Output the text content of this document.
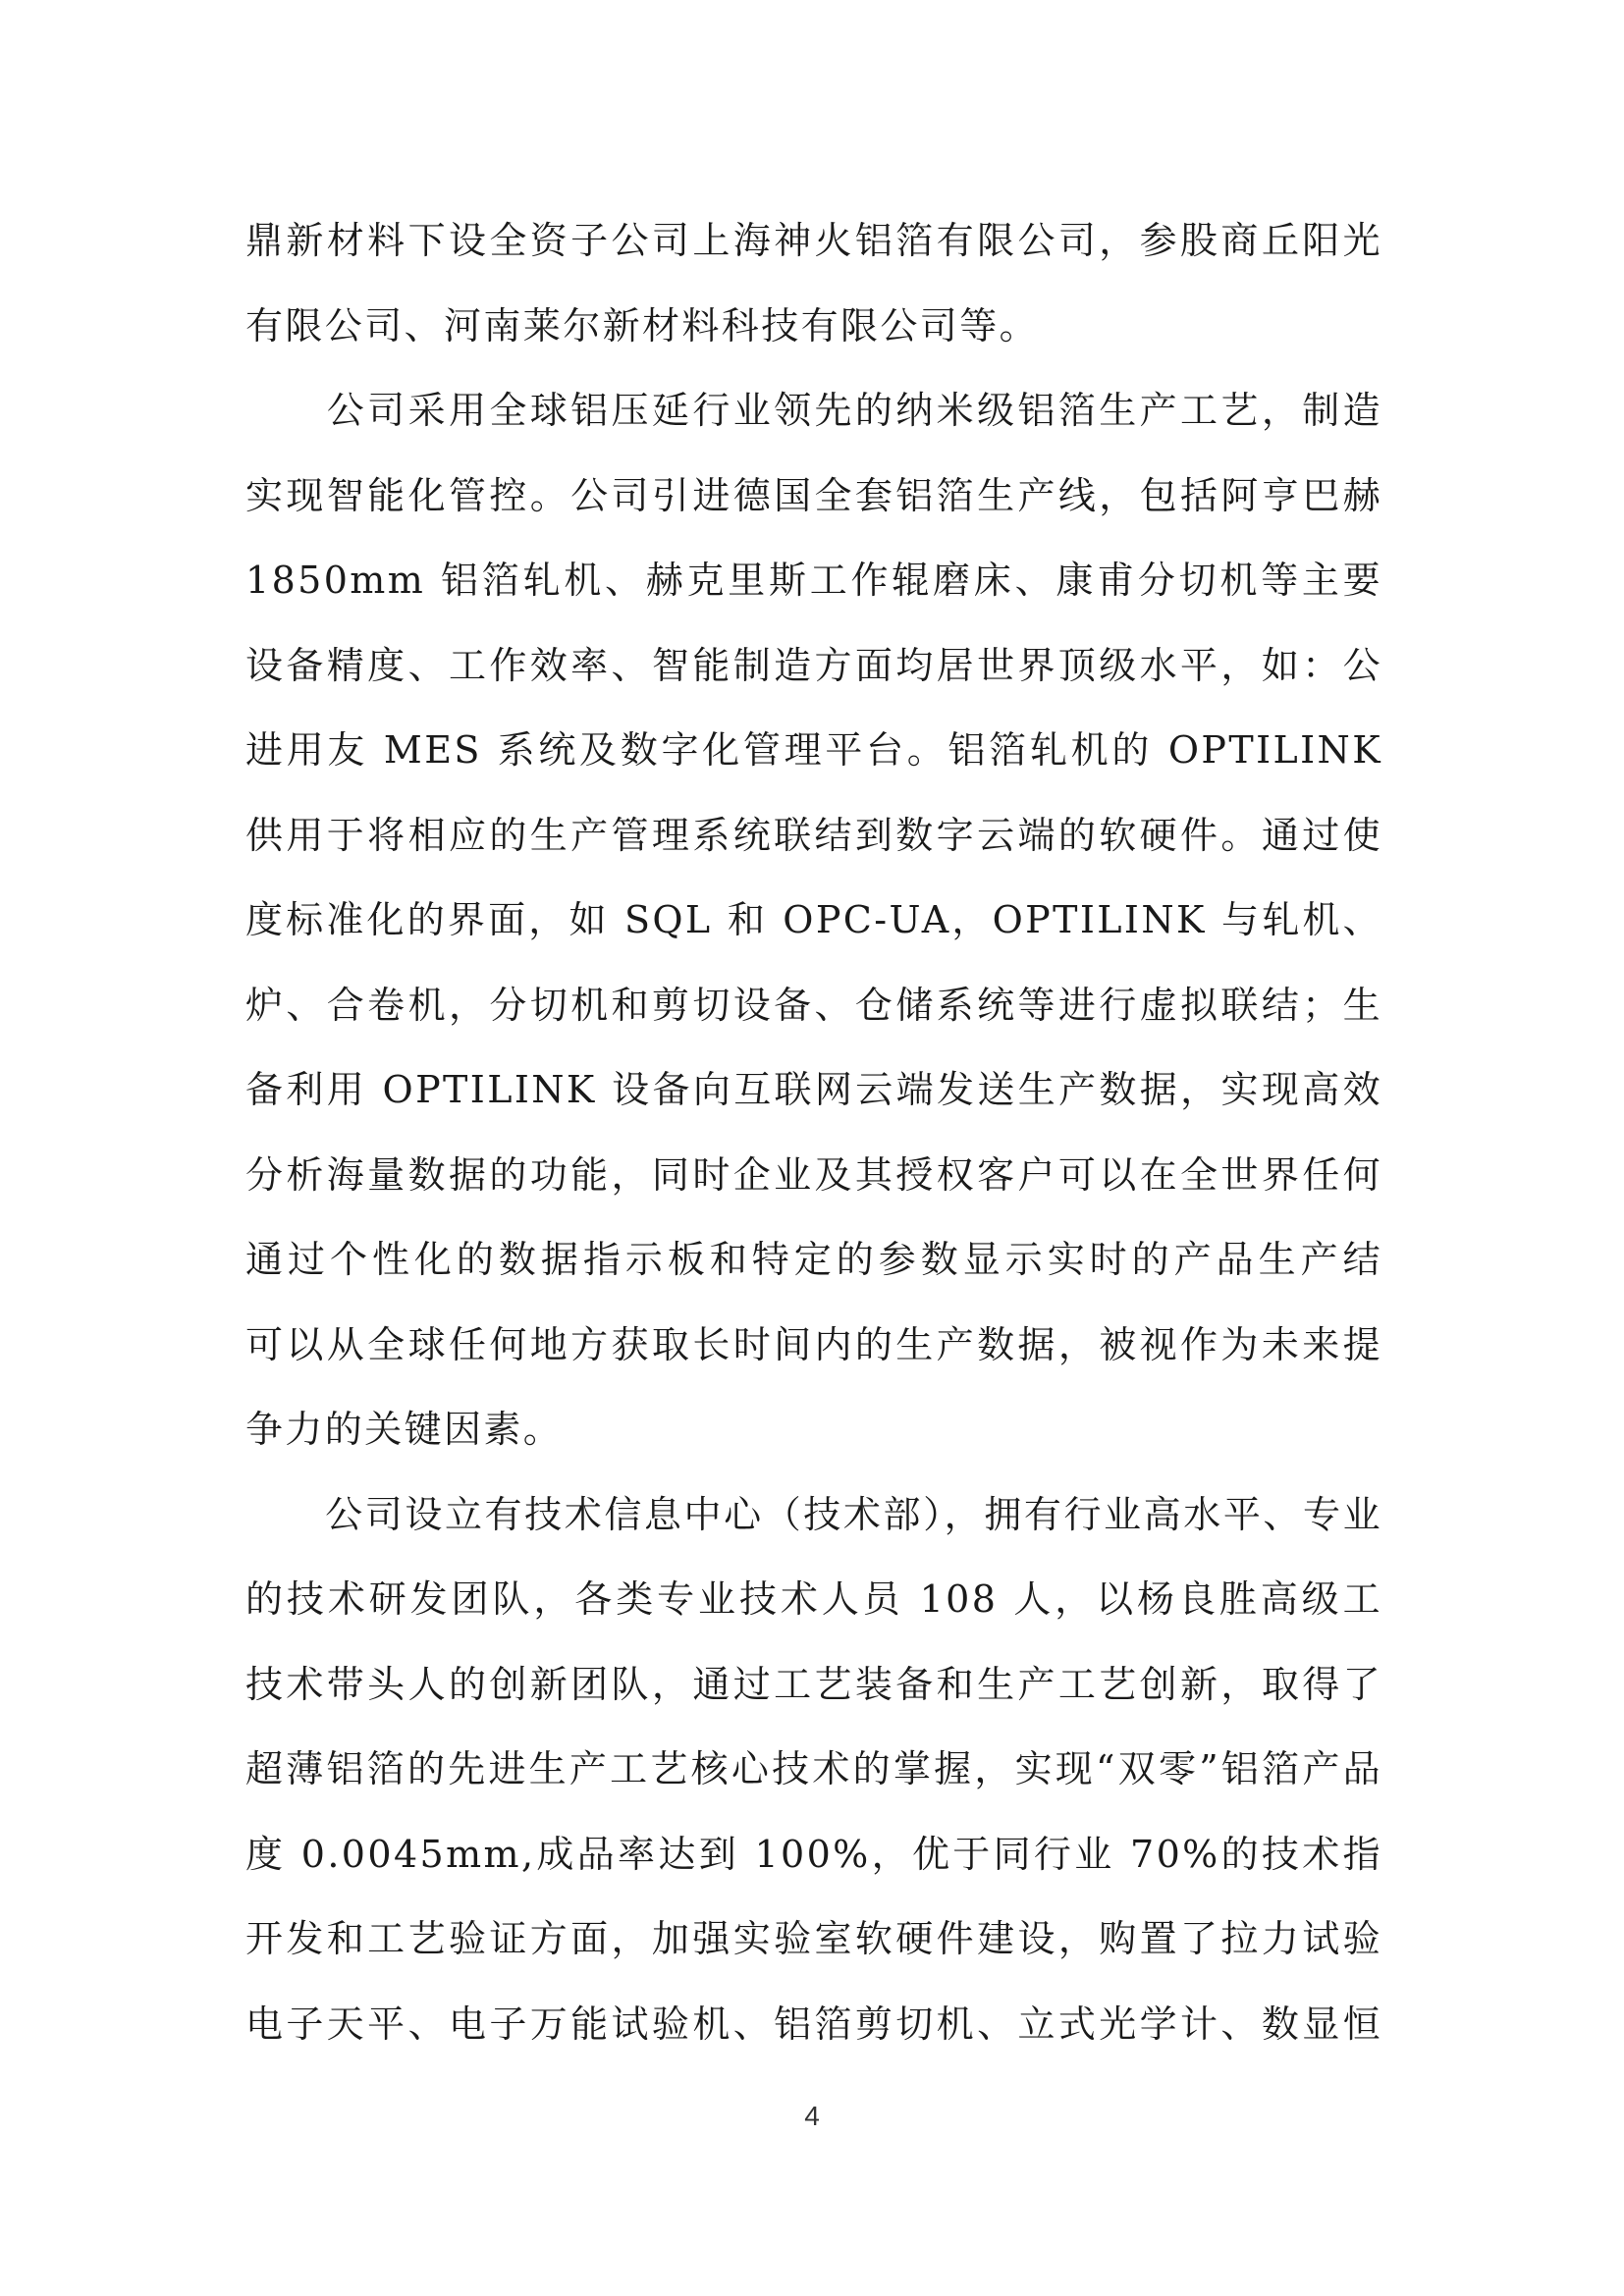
鼎新材料下设全资子公司上海神火铝箔有限公司，参股商丘阳光
有限公司、河南莱尔新材料科技有限公司等。
　　公司采用全球铝压延行业领先的纳米级铝箔生产工艺，制造
实现智能化管控。公司引进德国全套铝箔生产线，包括阿亨巴赫
1850mm 铝箔轧机、赫克里斯工作辊磨床、康甫分切机等主要
设备精度、工作效率、智能制造方面均居世界顶级水平，如：公
进用友 MES 系统及数字化管理平台。铝箔轧机的 OPTILINK
供用于将相应的生产管理系统联结到数字云端的软硬件。通过使
度标准化的界面，如 SQL 和 OPC-UA，OPTILINK 与轧机、
炉、合卷机，分切机和剪切设备、仓储系统等进行虚拟联结；生
备利用 OPTILINK 设备向互联网云端发送生产数据，实现高效
分析海量数据的功能，同时企业及其授权客户可以在全世界任何
通过个性化的数据指示板和特定的参数显示实时的产品生产结
可以从全球任何地方获取长时间内的生产数据，被视作为未来提
争力的关键因素。
　　公司设立有技术信息中心（技术部），拥有行业高水平、专业
的技术研发团队，各类专业技术人员 108 人，以杨良胜高级工
技术带头人的创新团队，通过工艺装备和生产工艺创新，取得了
超薄铝箔的先进生产工艺核心技术的掌握，实现“双零”铝箔产品
度 0.0045mm,成品率达到 100%，优于同行业 70%的技术指
开发和工艺验证方面，加强实验室软硬件建设，购置了拉力试验
电子天平、电子万能试验机、铝箔剪切机、立式光学计、数显恒
4
